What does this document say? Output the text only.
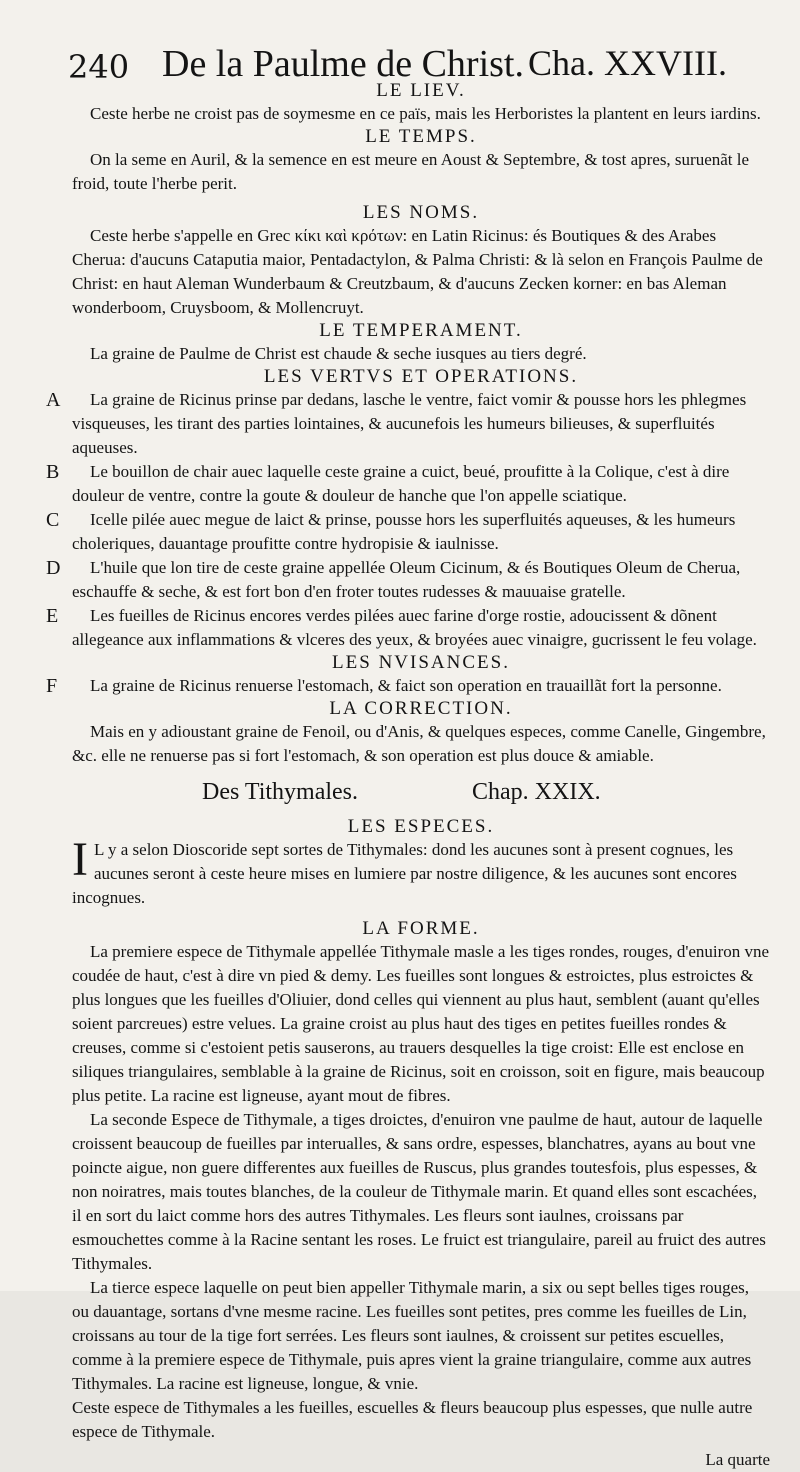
240 De la Paulme de Christ. Cha. XXVIII.
LE LIEV.
Ceste herbe ne croist pas de soymesme en ce païs, mais les Herboristes la plantent en leurs iardins.
LE TEMPS.
On la seme en Auril, & la semence en est meure en Aoust & Septembre, & tost apres, suruenãt le froid, toute l'herbe perit.
LES NOMS.
Ceste herbe s'appelle en Grec κίκι καὶ κρότων: en Latin Ricinus: és Boutiques & des Arabes Cherua: d'aucuns Cataputia maior, Pentadactylon, & Palma Christi: & là selon en François Paulme de Christ: en haut Aleman Wunderbaum & Creutzbaum, & d'aucuns Zecken korner: en bas Aleman wonderboom, Cruysboom, & Mollencruyt.
LE TEMPERAMENT.
La graine de Paulme de Christ est chaude & seche iusques au tiers degré.
LES VERTVS ET OPERATIONS.
A	La graine de Ricinus prinse par dedans, lasche le ventre, faict vomir & pousse hors les phlegmes visqueuses, les tirant des parties lointaines, & aucunefois les humeurs bilieuses, & superfluités aqueuses.
B	Le bouillon de chair auec laquelle ceste graine a cuict, beué, proufitte à la Colique, c'est à dire douleur de ventre, contre la goute & douleur de hanche que l'on appelle sciatique.
C	Icelle pilée auec megue de laict & prinse, pousse hors les superfluités aqueuses, & les humeurs choleriques, dauantage proufitte contre hydropisie & iaulnisse.
D	L'huile que lon tire de ceste graine appellée Oleum Cicinum, & és Boutiques Oleum de Cherua, eschauffe & seche, & est fort bon d'en froter toutes rudesses & mauuaise gratelle.
E	Les fueilles de Ricinus encores verdes pilées auec farine d'orge rostie, adoucissent & dõnent allegeance aux inflammations & vlceres des yeux, & broyées auec vinaigre, gucrissent le feu volage.
LES NVISANCES.
F	La graine de Ricinus renuerse l'estomach, & faict son operation en trauaillãt fort la personne.
LA CORRECTION.
Mais en y adioustant graine de Fenoil, ou d'Anis, & quelques especes, comme Canelle, Gingembre, &c. elle ne renuerse pas si fort l'estomach, & son operation est plus douce & amiable.
Des Tithymales.	Chap. XXIX.
LES ESPECES.
I L y a selon Dioscoride sept sortes de Tithymales: dond les aucunes sont à present cognues, les aucunes seront à ceste heure mises en lumiere par nostre diligence, & les aucunes sont encores incognues.
LA FORME.
La premiere espece de Tithymale appellée Tithymale masle a les tiges rondes, rouges, d'enuiron vne coudée de haut, c'est à dire vn pied & demy. Les fueilles sont longues & estroictes, plus estroictes & plus longues que les fueilles d'Oliuier, dond celles qui viennent au plus haut, semblent (auant qu'elles soient parcreues) estre velues. La graine croist au plus haut des tiges en petites fueilles rondes & creuses, comme si c'estoient petis sauserons, au trauers desquelles la tige croist: Elle est enclose en siliques triangulaires, semblable à la graine de Ricinus, soit en croisson, soit en figure, mais beaucoup plus petite. La racine est ligneuse, ayant mout de fibres.
La seconde Espece de Tithymale, a tiges droictes, d'enuiron vne paulme de haut, autour de laquelle croissent beaucoup de fueilles par interualles, & sans ordre, espesses, blanchatres, ayans au bout vne poincte aigue, non guere differentes aux fueilles de Ruscus, plus grandes toutesfois, plus espesses, & non noiratres, mais toutes blanches, de la couleur de Tithymale marin. Et quand elles sont escachées, il en sort du laict comme hors des autres Tithymales. Les fleurs sont iaulnes, croissans par esmouchettes comme à la Racine sentant les roses. Le fruict est triangulaire, pareil au fruict des autres Tithymales.
La tierce espece laquelle on peut bien appeller Tithymale marin, a six ou sept belles tiges rouges, ou dauantage, sortans d'vne mesme racine. Les fueilles sont petites, pres comme les fueilles de Lin, croissans au tour de la tige fort serrées. Les fleurs sont iaulnes, & croissent sur petites escuelles, comme à la premiere espece de Tithymale, puis apres vient la graine triangulaire, comme aux autres Tithymales. La racine est ligneuse, longue, & vnie.
Ceste espece de Tithymales a les fueilles, escuelles & fleurs beaucoup plus espesses, que nulle autre espece de Tithymale.
La quarte
